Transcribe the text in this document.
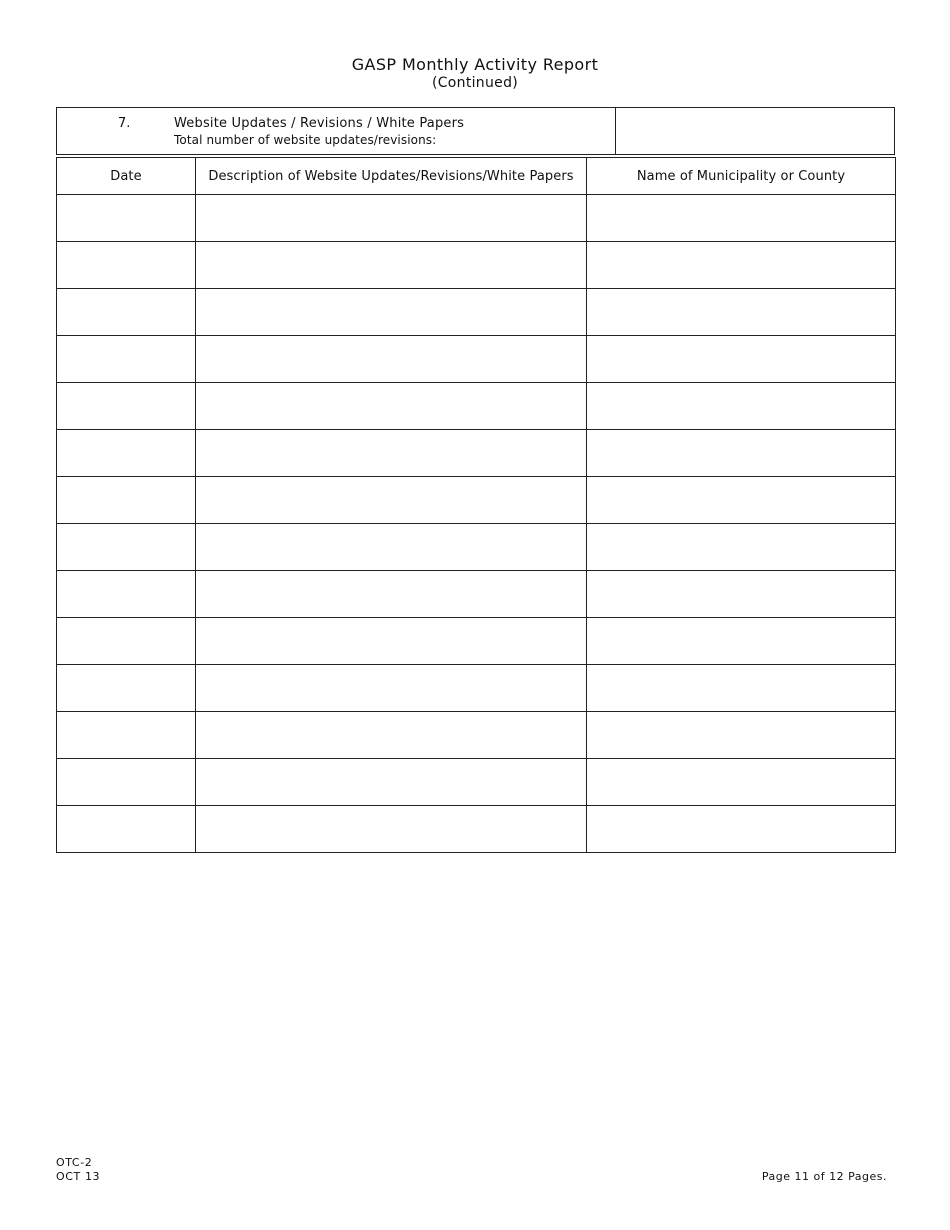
GASP Monthly Activity Report
(Continued)
7.	Website Updates / Revisions / White Papers
Total number of website updates/revisions:
Date	Description of Website Updates/Revisions/White Papers	Name of Municipality or County

OTC-2
OCT 13	Page 11 of 12 Pages.
